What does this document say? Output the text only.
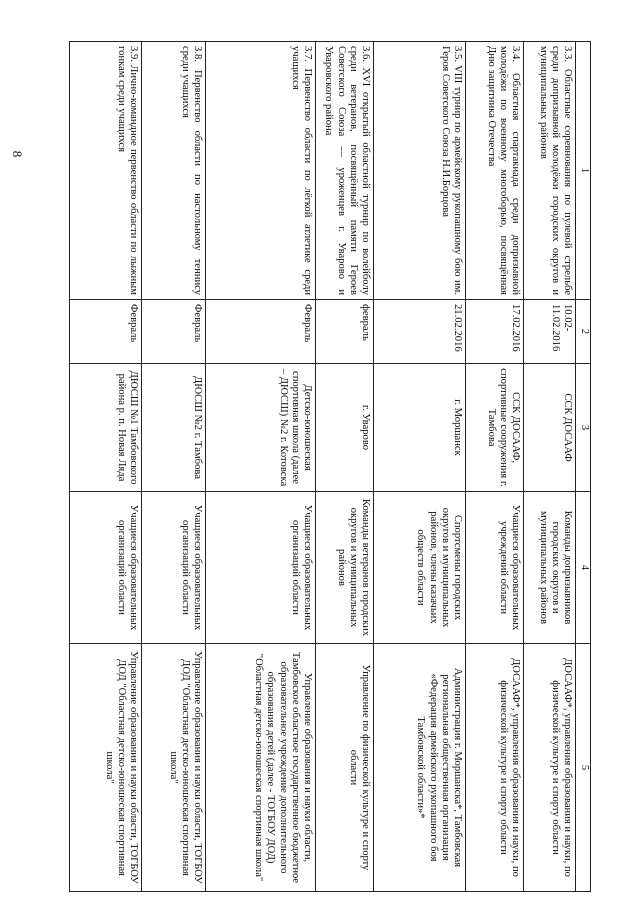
8
1	2	3	4	5
3.3. Областные соревнования по пулевой стрельбе среди допризывной молодёжи городских округов и муниципальных районов	10.02-11.02.2016	ССК ДОСААФ	Команды допризывников городских округов и муниципальных районов	ДОСААФ*, управления образования и науки, по физической культуре и спорту области
3.4. Областная спартакиада среди допризывной молодёжи по военному многоборью, посвящённая Дню защитника Отечества	17.02.2016	ССК ДОСААФ, спортивные сооружения г. Тамбова	Учащиеся образовательных учреждений области	ДОСААФ*, управления образования и науки, по физической культуре и спорту области
3.5. VIII турнир по армейскому рукопашному бою им. Героя Советского Союза Н.И.Борцова	21.02.2016	г. Моршанск	Спортсмены городских округов и муниципальных районов, члены казачьих обществ области	Администрация г. Моршанска*, Тамбовская региональная общественная организация «Федерация армейского рукопашного боя Тамбовской области»*
3.6. XVI открытый областной турнир по волейболу среди ветеранов, посвящённый памяти Героев Советского Союза — уроженцев г. Уварово и Уваровского района	февраль	г. Уварово	Команды ветеранов городских округов и муниципальных районов	Управление по физической культуре и спорту области
3.7. Первенство области по лёгкой атлетике среди учащихся	Февраль	Детско-юношеская спортивная школа (далее – ДЮСШ) №2 г. Котовска	Учащиеся образовательных организаций области	Управление образования и науки области, Тамбовское областное государственное бюджетное образовательное учреждение дополнительного образования детей (далее - ТОГБОУ ДОД) "Областная детско-юношеская спортивная школа"
3.8. Первенство области по настольному теннису среди учащихся	Февраль	ДЮСШ №2 г. Тамбова	Учащиеся образовательных организаций области	Управление образования и науки области, ТОГБОУ ДОД "Областная детско-юношеская спортивная школа"
3.9. Лично-командное первенство области по лыжным гонкам среди учащихся	Февраль	ДЮСШ №1 Тамбовского района р. п. Новая Ляда	Учащиеся образовательных организаций области	Управление образования и науки области, ТОГБОУ ДОД "Областная детско-юношеская спортивная школа"
